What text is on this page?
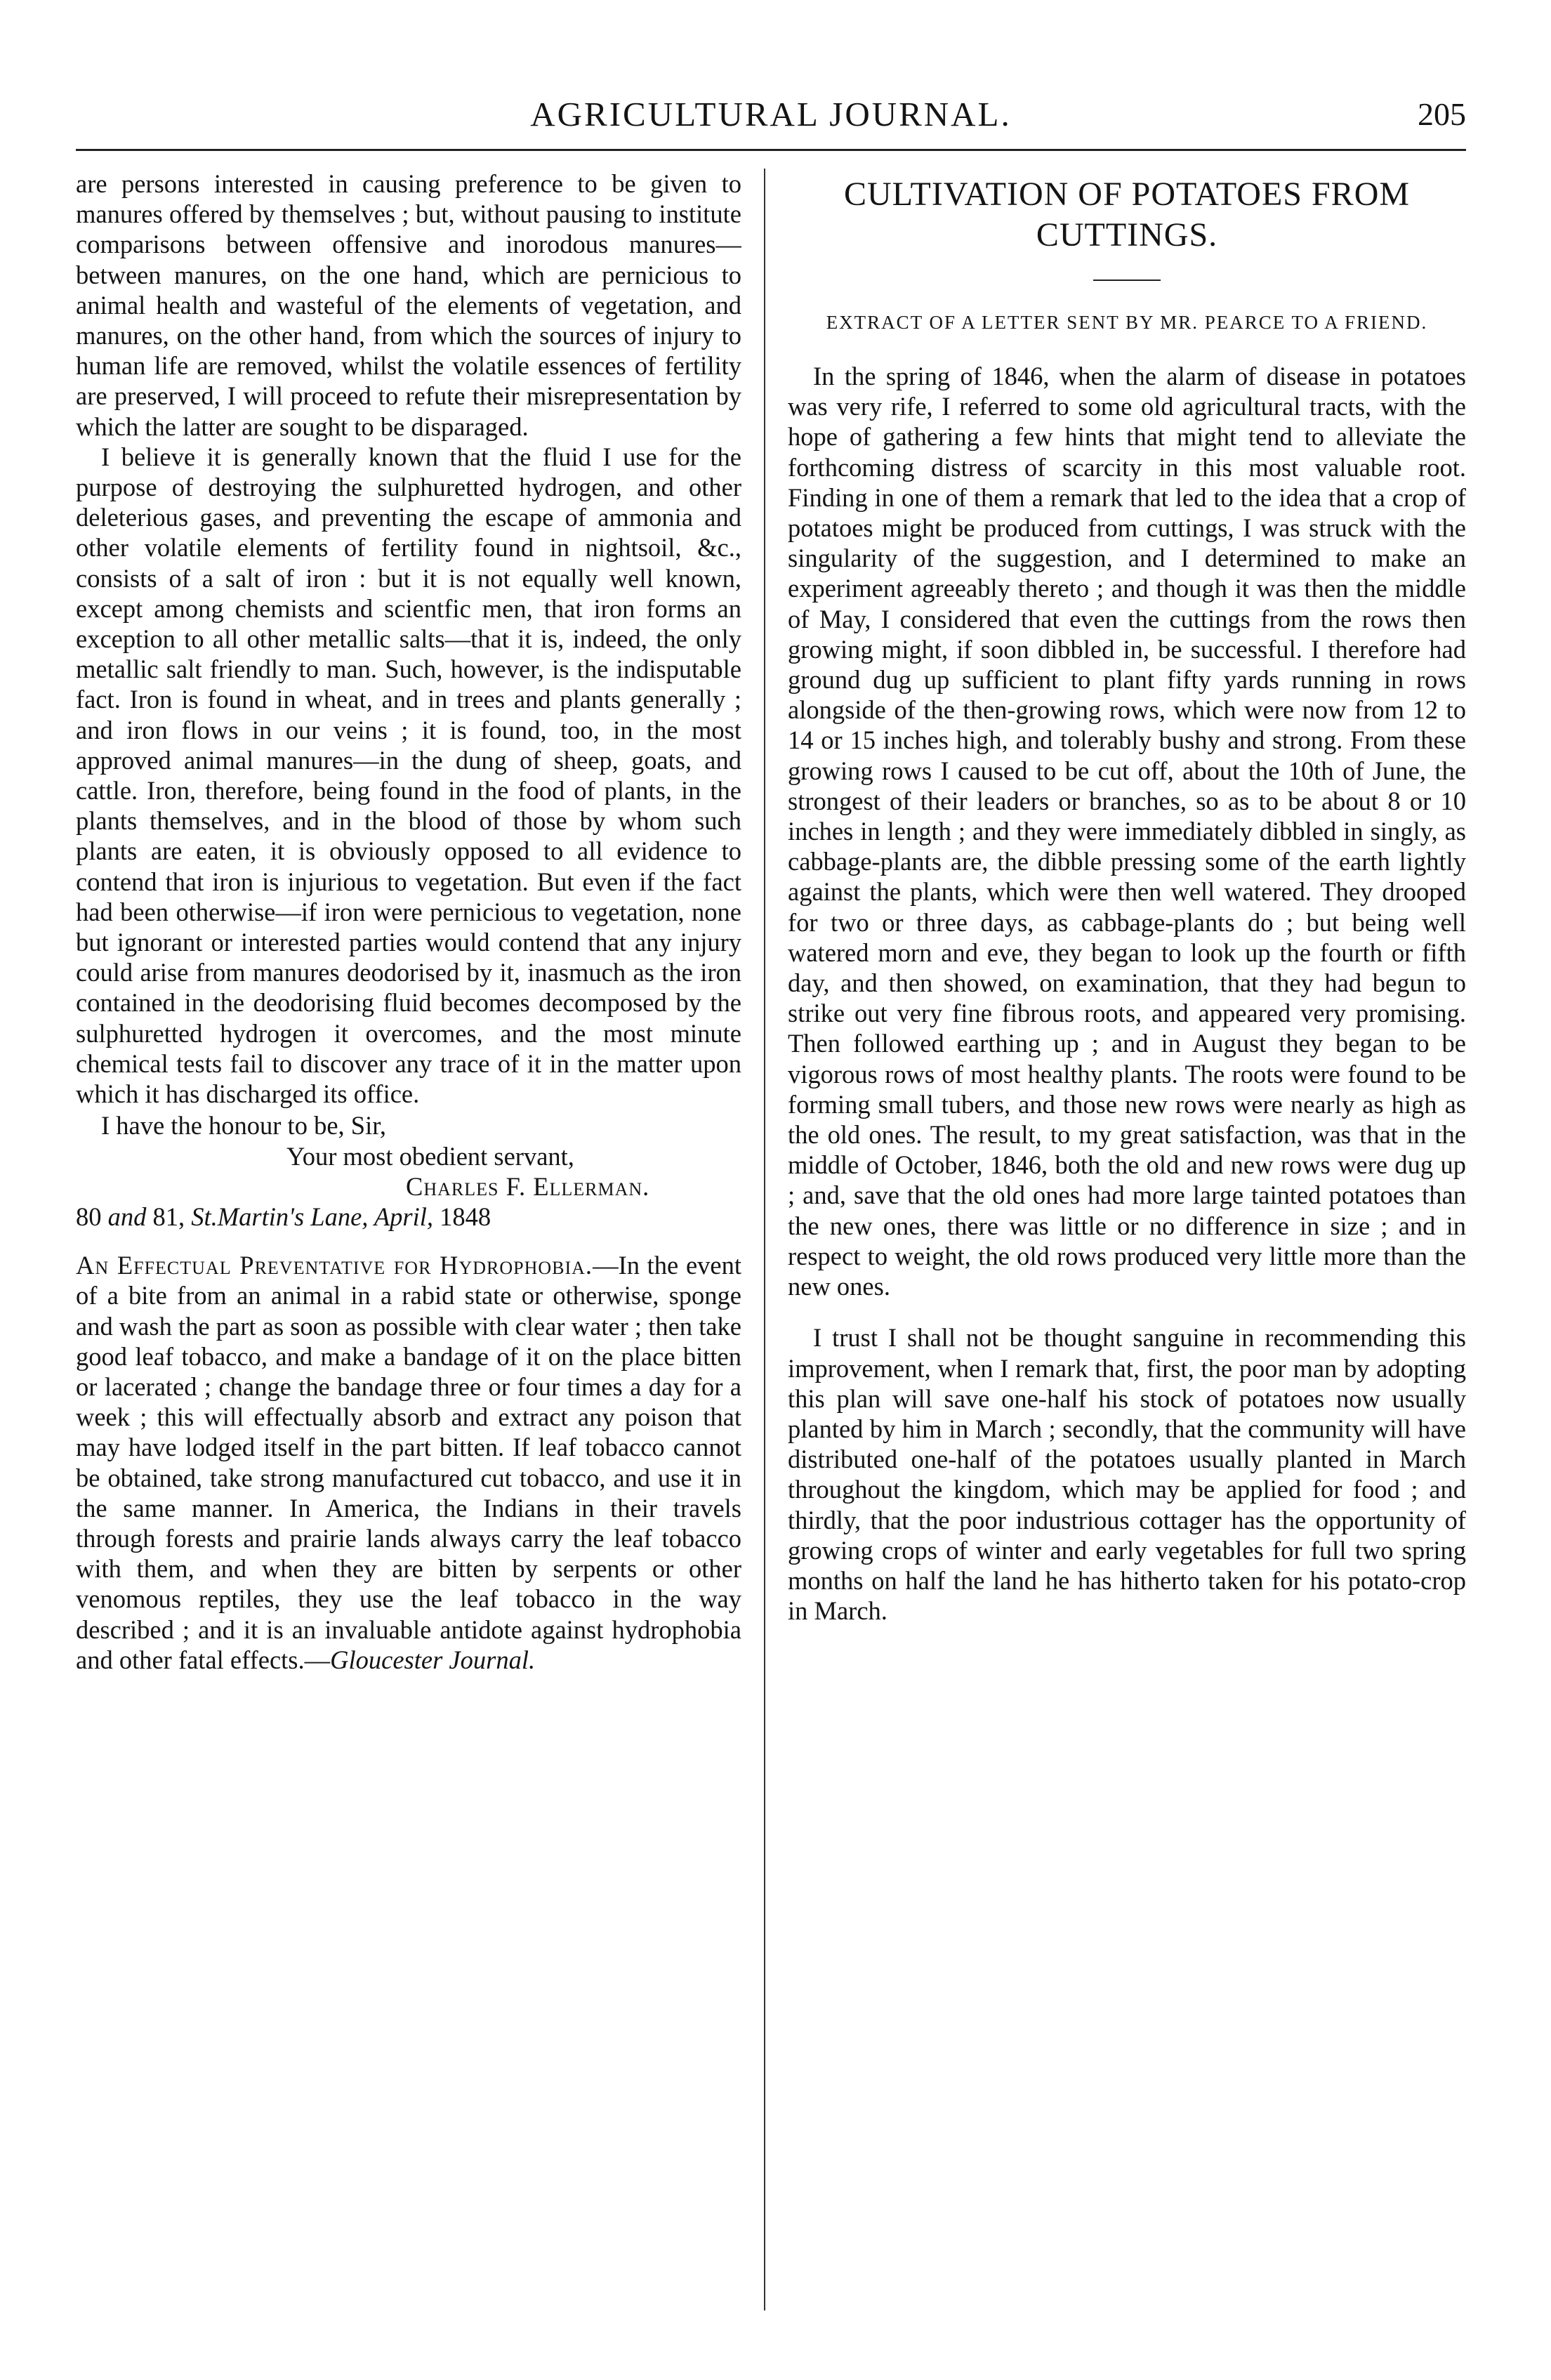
AGRICULTURAL JOURNAL.	205

are persons interested in causing preference to be given to manures offered by themselves ; but, without pausing to institute comparisons between offensive and inorodous manures—between manures, on the one hand, which are pernicious to animal health and wasteful of the elements of vegetation, and manures, on the other hand, from which the sources of injury to human life are removed, whilst the volatile essences of fertility are preserved, I will proceed to refute their misrepresentation by which the latter are sought to be disparaged.

I believe it is generally known that the fluid I use for the purpose of destroying the sulphuretted hydrogen, and other deleterious gases, and preventing the escape of ammonia and other volatile elements of fertility found in nightsoil, &c., consists of a salt of iron : but it is not equally well known, except among chemists and scientfic men, that iron forms an exception to all other metallic salts—that it is, indeed, the only metallic salt friendly to man. Such, however, is the indisputable fact. Iron is found in wheat, and in trees and plants generally ; and iron flows in our veins ; it is found, too, in the most approved animal manures—in the dung of sheep, goats, and cattle. Iron, therefore, being found in the food of plants, in the plants themselves, and in the blood of those by whom such plants are eaten, it is obviously opposed to all evidence to contend that iron is injurious to vegetation. But even if the fact had been otherwise—if iron were pernicious to vegetation, none but ignorant or interested parties would contend that any injury could arise from manures deodorised by it, inasmuch as the iron contained in the deodorising fluid becomes decomposed by the sulphuretted hydrogen it overcomes, and the most minute chemical tests fail to discover any trace of it in the matter upon which it has discharged its office.

I have the honour to be, Sir,

Your most obedient servant,

Charles F. Ellerman.

80 and 81, St.Martin's Lane, April, 1848

An Effectual Preventative for Hydrophobia.—In the event of a bite from an animal in a rabid state or otherwise, sponge and wash the part as soon as possible with clear water ; then take good leaf tobacco, and make a bandage of it on the place bitten or lacerated ; change the bandage three or four times a day for a week ; this will effectually absorb and extract any poison that may have lodged itself in the part bitten. If leaf tobacco cannot be obtained, take strong manufactured cut tobacco, and use it in the same manner. In America, the Indians in their travels through forests and prairie lands always carry the leaf tobacco with them, and when they are bitten by serpents or other venomous reptiles, they use the leaf tobacco in the way described ; and it is an invaluable antidote against hydrophobia and other fatal effects.—Gloucester Journal.

CULTIVATION OF POTATOES FROM CUTTINGS.
EXTRACT OF A LETTER SENT BY MR. PEARCE TO A FRIEND.

In the spring of 1846, when the alarm of disease in potatoes was very rife, I referred to some old agricultural tracts, with the hope of gathering a few hints that might tend to alleviate the forthcoming distress of scarcity in this most valuable root. Finding in one of them a remark that led to the idea that a crop of potatoes might be produced from cuttings, I was struck with the singularity of the suggestion, and I determined to make an experiment agreeably thereto ; and though it was then the middle of May, I considered that even the cuttings from the rows then growing might, if soon dibbled in, be successful. I therefore had ground dug up sufficient to plant fifty yards running in rows alongside of the then-growing rows, which were now from 12 to 14 or 15 inches high, and tolerably bushy and strong. From these growing rows I caused to be cut off, about the 10th of June, the strongest of their leaders or branches, so as to be about 8 or 10 inches in length ; and they were immediately dibbled in singly, as cabbage-plants are, the dibble pressing some of the earth lightly against the plants, which were then well watered. They drooped for two or three days, as cabbage-plants do ; but being well watered morn and eve, they began to look up the fourth or fifth day, and then showed, on examination, that they had begun to strike out very fine fibrous roots, and appeared very promising. Then followed earthing up ; and in August they began to be vigorous rows of most healthy plants. The roots were found to be forming small tubers, and those new rows were nearly as high as the old ones. The result, to my great satisfaction, was that in the middle of October, 1846, both the old and new rows were dug up ; and, save that the old ones had more large tainted potatoes than the new ones, there was little or no difference in size ; and in respect to weight, the old rows produced very little more than the new ones.

I trust I shall not be thought sanguine in recommending this improvement, when I remark that, first, the poor man by adopting this plan will save one-half his stock of potatoes now usually planted by him in March ; secondly, that the community will have distributed one-half of the potatoes usually planted in March throughout the kingdom, which may be applied for food ; and thirdly, that the poor industrious cottager has the opportunity of growing crops of winter and early vegetables for full two spring months on half the land he has hitherto taken for his potato-crop in March.
